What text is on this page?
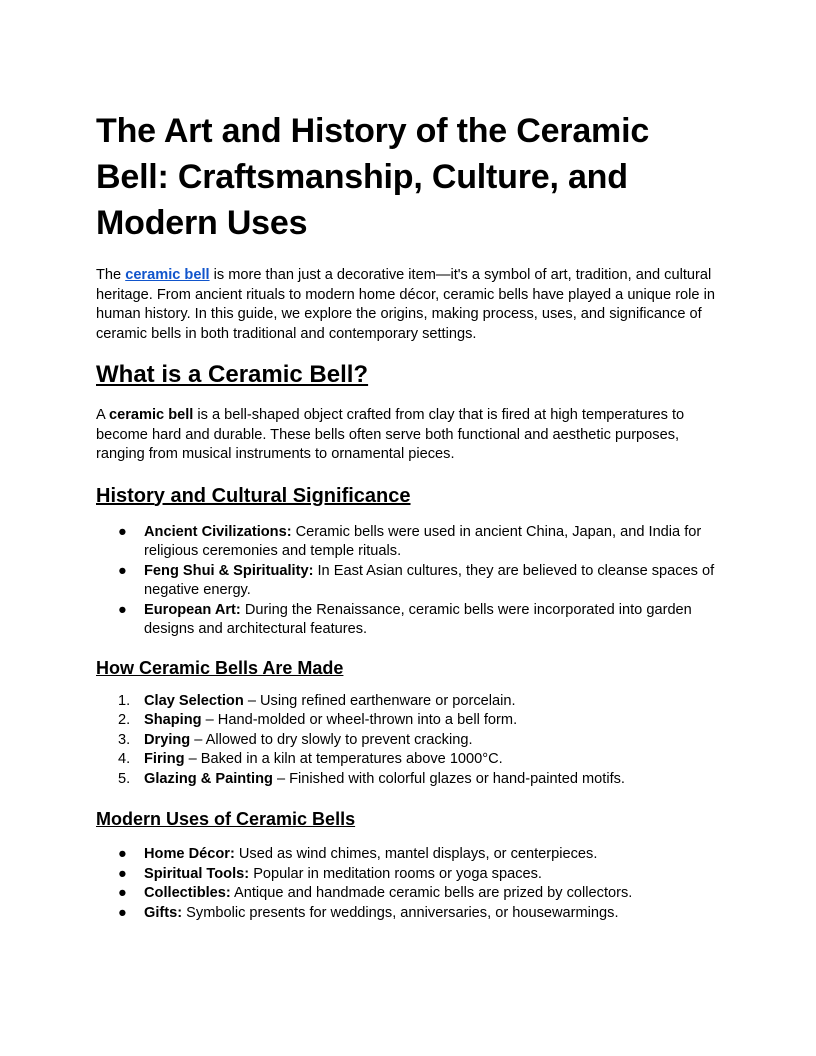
The Art and History of the Ceramic Bell: Craftsmanship, Culture, and Modern Uses

The ceramic bell is more than just a decorative item—it's a symbol of art, tradition, and cultural heritage. From ancient rituals to modern home décor, ceramic bells have played a unique role in human history. In this guide, we explore the origins, making process, uses, and significance of ceramic bells in both traditional and contemporary settings.

What is a Ceramic Bell?

A ceramic bell is a bell-shaped object crafted from clay that is fired at high temperatures to become hard and durable. These bells often serve both functional and aesthetic purposes, ranging from musical instruments to ornamental pieces.

History and Cultural Significance
● Ancient Civilizations: Ceramic bells were used in ancient China, Japan, and India for religious ceremonies and temple rituals.
● Feng Shui & Spirituality: In East Asian cultures, they are believed to cleanse spaces of negative energy.
● European Art: During the Renaissance, ceramic bells were incorporated into garden designs and architectural features.
How Ceramic Bells Are Made
1. Clay Selection – Using refined earthenware or porcelain.
2. Shaping – Hand-molded or wheel-thrown into a bell form.
3. Drying – Allowed to dry slowly to prevent cracking.
4. Firing – Baked in a kiln at temperatures above 1000°C.
5. Glazing & Painting – Finished with colorful glazes or hand-painted motifs.
Modern Uses of Ceramic Bells
● Home Décor: Used as wind chimes, mantel displays, or centerpieces.
● Spiritual Tools: Popular in meditation rooms or yoga spaces.
● Collectibles: Antique and handmade ceramic bells are prized by collectors.
● Gifts: Symbolic presents for weddings, anniversaries, or housewarmings.
